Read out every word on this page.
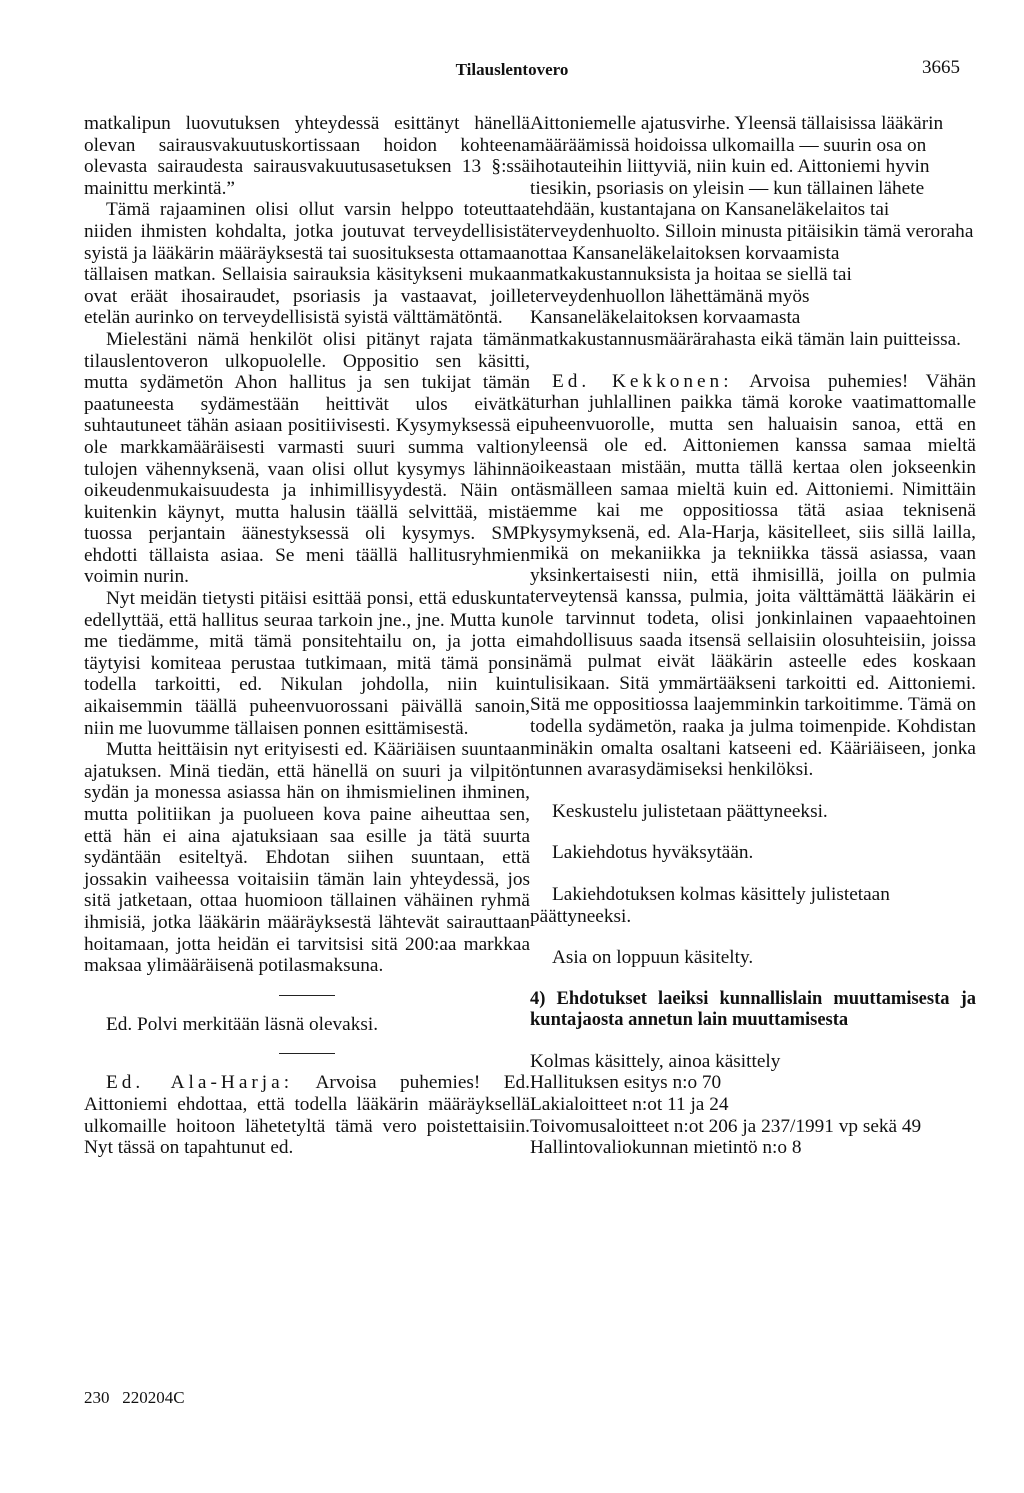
Tilauslentovero	3665

matkalipun luovutuksen yhteydessä esittänyt hänellä olevan sairausvakuutuskortissaan hoidon kohteena olevasta sairaudesta sairausvakuutusasetuksen 13 §:ssä mainittu merkintä.”

Tämä rajaaminen olisi ollut varsin helppo toteuttaa niiden ihmisten kohdalta, jotka joutuvat terveydellisistä syistä ja lääkärin määräyksestä tai suosituksesta ottamaan tällaisen matkan. Sellaisia sairauksia käsitykseni mukaan ovat eräät ihosairaudet, psoriasis ja vastaavat, joille etelän aurinko on terveydellisistä syistä välttämätöntä.

Mielestäni nämä henkilöt olisi pitänyt rajata tämän tilauslentoveron ulkopuolelle. Oppositio sen käsitti, mutta sydämetön Ahon hallitus ja sen tukijat tämän paatuneesta sydämestään heittivät ulos eivätkä suhtautuneet tähän asiaan positiivisesti. Kysymyksessä ei ole markkamääräisesti varmasti suuri summa valtion tulojen vähennyksenä, vaan olisi ollut kysymys lähinnä oikeudenmukaisuudesta ja inhimillisyydestä. Näin on kuitenkin käynyt, mutta halusin täällä selvittää, mistä tuossa perjantain äänestyksessä oli kysymys. SMP ehdotti tällaista asiaa. Se meni täällä hallitusryhmien voimin nurin.

Nyt meidän tietysti pitäisi esittää ponsi, että eduskunta edellyttää, että hallitus seuraa tarkoin jne., jne. Mutta kun me tiedämme, mitä tämä ponsitehtailu on, ja jotta ei täytyisi komiteaa perustaa tutkimaan, mitä tämä ponsi todella tarkoitti, ed. Nikulan johdolla, niin kuin aikaisemmin täällä puheenvuorossani päivällä sanoin, niin me luovumme tällaisen ponnen esittämisestä.

Mutta heittäisin nyt erityisesti ed. Kääriäisen suuntaan ajatuksen. Minä tiedän, että hänellä on suuri ja vilpitön sydän ja monessa asiassa hän on ihmismielinen ihminen, mutta politiikan ja puolueen kova paine aiheuttaa sen, että hän ei aina ajatuksiaan saa esille ja tätä suurta sydäntään esiteltyä. Ehdotan siihen suuntaan, että jossakin vaiheessa voitaisiin tämän lain yhteydessä, jos sitä jatketaan, ottaa huomioon tällainen vähäinen ryhmä ihmisiä, jotka lääkärin määräyksestä lähtevät sairauttaan hoitamaan, jotta heidän ei tarvitsisi sitä 200:aa markkaa maksaa ylimääräisenä potilasmaksuna.

Ed. Polvi merkitään läsnä olevaksi.

Ed. Ala-Harja: Arvoisa puhemies! Ed. Aittoniemi ehdottaa, että todella lääkärin määräyksellä ulkomaille hoitoon lähetetyltä tämä vero poistettaisiin. Nyt tässä on tapahtunut ed.

Aittoniemelle ajatusvirhe. Yleensä tällaisissa lääkärin määräämissä hoidoissa ulkomailla — suurin osa on ihotauteihin liittyviä, niin kuin ed. Aittoniemi hyvin tiesikin, psoriasis on yleisin — kun tällainen lähete tehdään, kustantajana on Kansaneläkelaitos tai terveydenhuolto. Silloin minusta pitäisikin tämä veroraha ottaa Kansaneläkelaitoksen korvaamista matkakustannuksista ja hoitaa se siellä tai terveydenhuollon lähettämänä myös Kansaneläkelaitoksen korvaamasta matkakustannusmäärärahasta eikä tämän lain puitteissa.

Ed. Kekkonen: Arvoisa puhemies! Vähän turhan juhlallinen paikka tämä koroke vaatimattomalle puheenvuorolle, mutta sen haluaisin sanoa, että en yleensä ole ed. Aittoniemen kanssa samaa mieltä oikeastaan mistään, mutta tällä kertaa olen jokseenkin täsmälleen samaa mieltä kuin ed. Aittoniemi. Nimittäin emme kai me oppositiossa tätä asiaa teknisenä kysymyksenä, ed. Ala-Harja, käsitelleet, siis sillä lailla, mikä on mekaniikka ja tekniikka tässä asiassa, vaan yksinkertaisesti niin, että ihmisillä, joilla on pulmia terveytensä kanssa, pulmia, joita välttämättä lääkärin ei ole tarvinnut todeta, olisi jonkinlainen vapaaehtoinen mahdollisuus saada itsensä sellaisiin olosuhteisiin, joissa nämä pulmat eivät lääkärin asteelle edes koskaan tulisikaan. Sitä ymmärtääkseni tarkoitti ed. Aittoniemi. Sitä me oppositiossa laajemminkin tarkoitimme. Tämä on todella sydämetön, raaka ja julma toimenpide. Kohdistan minäkin omalta osaltani katseeni ed. Kääriäiseen, jonka tunnen avarasydämiseksi henkilöksi.

Keskustelu julistetaan päättyneeksi.

Lakiehdotus hyväksytään.

Lakiehdotuksen kolmas käsittely julistetaan päättyneeksi.

Asia on loppuun käsitelty.

4) Ehdotukset laeiksi kunnallislain muuttamisesta ja kuntajaosta annetun lain muuttamisesta

Kolmas käsittely, ainoa käsittely

Hallituksen esitys n:o 70

Lakialoitteet n:ot 11 ja 24

Toivomusaloitteet n:ot 206 ja 237/1991 vp sekä 49

Hallintovaliokunnan mietintö n:o 8

230   220204C
